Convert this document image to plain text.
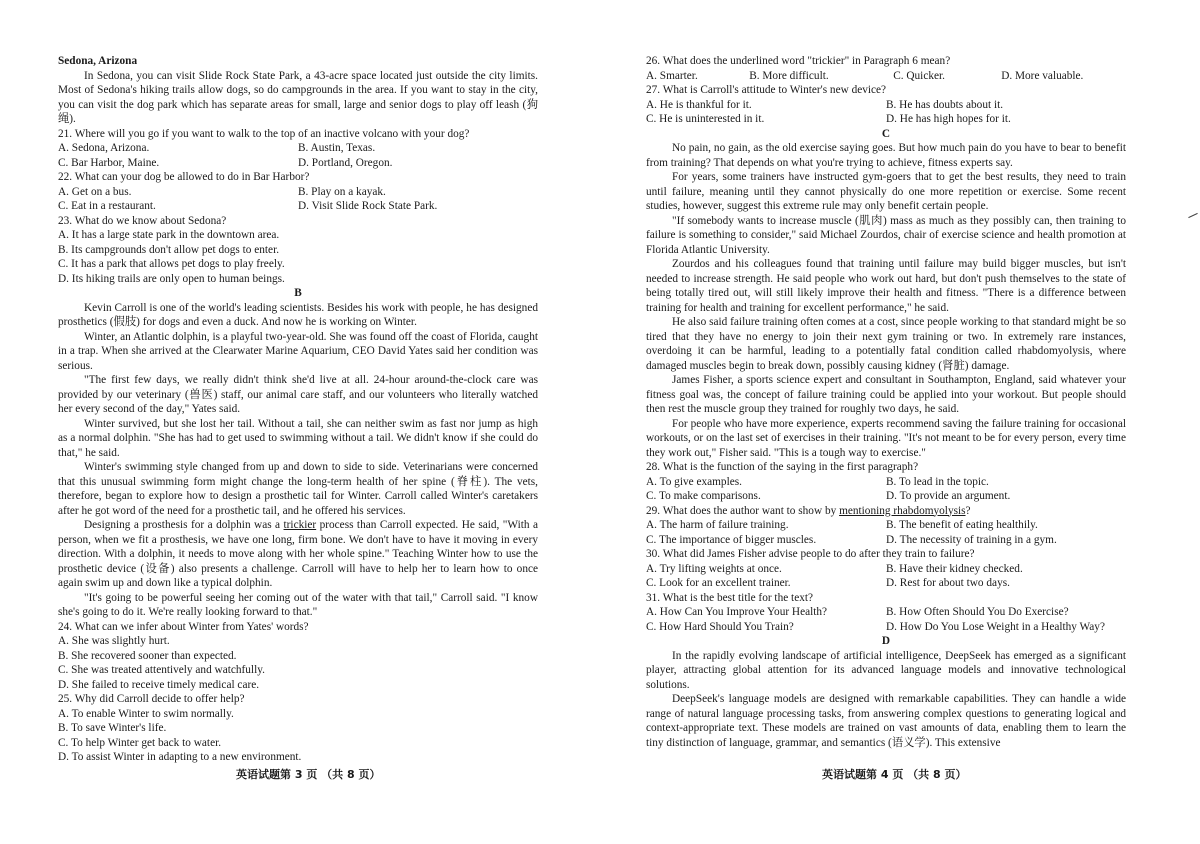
Sedona, Arizona

In Sedona, you can visit Slide Rock State Park, a 43-acre space located just outside the city limits. Most of Sedona's hiking trails allow dogs, so do campgrounds in the area. If you want to stay in the city, you can visit the dog park which has separate areas for small, large and senior dogs to play off leash (狗绳).

21. Where will you go if you want to walk to the top of an inactive volcano with your dog?
A. Sedona, Arizona.	B. Austin, Texas.
C. Bar Harbor, Maine.	D. Portland, Oregon.
22. What can your dog be allowed to do in Bar Harbor?
A. Get on a bus.	B. Play on a kayak.
C. Eat in a restaurant.	D. Visit Slide Rock State Park.
23. What do we know about Sedona?
A. It has a large state park in the downtown area.
B. Its campgrounds don't allow pet dogs to enter.
C. It has a park that allows pet dogs to play freely.
D. Its hiking trails are only open to human beings.
B

Kevin Carroll is one of the world's leading scientists. Besides his work with people, he has designed prosthetics (假肢) for dogs and even a duck. And now he is working on Winter.

Winter, an Atlantic dolphin, is a playful two-year-old. She was found off the coast of Florida, caught in a trap. When she arrived at the Clearwater Marine Aquarium, CEO David Yates said her condition was serious.

"The first few days, we really didn't think she'd live at all. 24-hour around-the-clock care was provided by our veterinary (兽医) staff, our animal care staff, and our volunteers who literally watched her every second of the day," Yates said.

Winter survived, but she lost her tail. Without a tail, she can neither swim as fast nor jump as high as a normal dolphin. "She has had to get used to swimming without a tail. We didn't know if she could do that," he said.

Winter's swimming style changed from up and down to side to side. Veterinarians were concerned that this unusual swimming form might change the long-term health of her spine (脊柱). The vets, therefore, began to explore how to design a prosthetic tail for Winter. Carroll called Winter's caretakers after he got word of the need for a prosthetic tail, and he offered his services.

Designing a prosthesis for a dolphin was a trickier process than Carroll expected. He said, "With a person, when we fit a prosthesis, we have one long, firm bone. We don't have to have it moving in every direction. With a dolphin, it needs to move along with her whole spine." Teaching Winter how to use the prosthetic device (设备) also presents a challenge. Carroll will have to help her to learn how to once again swim up and down like a typical dolphin.

"It's going to be powerful seeing her coming out of the water with that tail," Carroll said. "I know she's going to do it. We're really looking forward to that."

24. What can we infer about Winter from Yates' words?
A. She was slightly hurt.
B. She recovered sooner than expected.
C. She was treated attentively and watchfully.
D. She failed to receive timely medical care.
25. Why did Carroll decide to offer help?
A. To enable Winter to swim normally.
B. To save Winter's life.
C. To help Winter get back to water.
D. To assist Winter in adapting to a new environment.
英语试题第 3 页 （共 8 页）
26. What does the underlined word "trickier" in Paragraph 6 mean?
A. Smarter.	B. More difficult.	C. Quicker.	D. More valuable.
27. What is Carroll's attitude to Winter's new device?
A. He is thankful for it.	B. He has doubts about it.
C. He is uninterested in it.	D. He has high hopes for it.
C

No pain, no gain, as the old exercise saying goes. But how much pain do you have to bear to benefit from training? That depends on what you're trying to achieve, fitness experts say.

For years, some trainers have instructed gym-goers that to get the best results, they need to train until failure, meaning until they cannot physically do one more repetition or exercise. Some recent studies, however, suggest this extreme rule may only benefit certain people.

"If somebody wants to increase muscle (肌肉) mass as much as they possibly can, then training to failure is something to consider," said Michael Zourdos, chair of exercise science and health promotion at Florida Atlantic University.

Zourdos and his colleagues found that training until failure may build bigger muscles, but isn't needed to increase strength. He said people who work out hard, but don't push themselves to the state of being totally tired out, will still likely improve their health and fitness. "There is a difference between training for health and training for excellent performance," he said.

He also said failure training often comes at a cost, since people working to that standard might be so tired that they have no energy to join their next gym training or two. In extremely rare instances, overdoing it can be harmful, leading to a potentially fatal condition called rhabdomyolysis, where damaged muscles begin to break down, possibly causing kidney (肾脏) damage.

James Fisher, a sports science expert and consultant in Southampton, England, said whatever your fitness goal was, the concept of failure training could be applied into your workout. But people should then rest the muscle group they trained for roughly two days, he said.

For people who have more experience, experts recommend saving the failure training for occasional workouts, or on the last set of exercises in their training. "It's not meant to be for every person, every time they work out," Fisher said. "This is a tough way to exercise."

28. What is the function of the saying in the first paragraph?
A. To give examples.	B. To lead in the topic.
C. To make comparisons.	D. To provide an argument.
29. What does the author want to show by mentioning rhabdomyolysis?
A. The harm of failure training.	B. The benefit of eating healthily.
C. The importance of bigger muscles.	D. The necessity of training in a gym.
30. What did James Fisher advise people to do after they train to failure?
A. Try lifting weights at once.	B. Have their kidney checked.
C. Look for an excellent trainer.	D. Rest for about two days.
31. What is the best title for the text?
A. How Can You Improve Your Health?	B. How Often Should You Do Exercise?
C. How Hard Should You Train?	D. How Do You Lose Weight in a Healthy Way?
D

In the rapidly evolving landscape of artificial intelligence, DeepSeek has emerged as a significant player, attracting global attention for its advanced language models and innovative technological solutions.

DeepSeek's language models are designed with remarkable capabilities. They can handle a wide range of natural language processing tasks, from answering complex questions to generating logical and context-appropriate text. These models are trained on vast amounts of data, enabling them to learn the tiny distinction of language, grammar, and semantics (语义学). This extensive

英语试题第 4 页 （共 8 页）
